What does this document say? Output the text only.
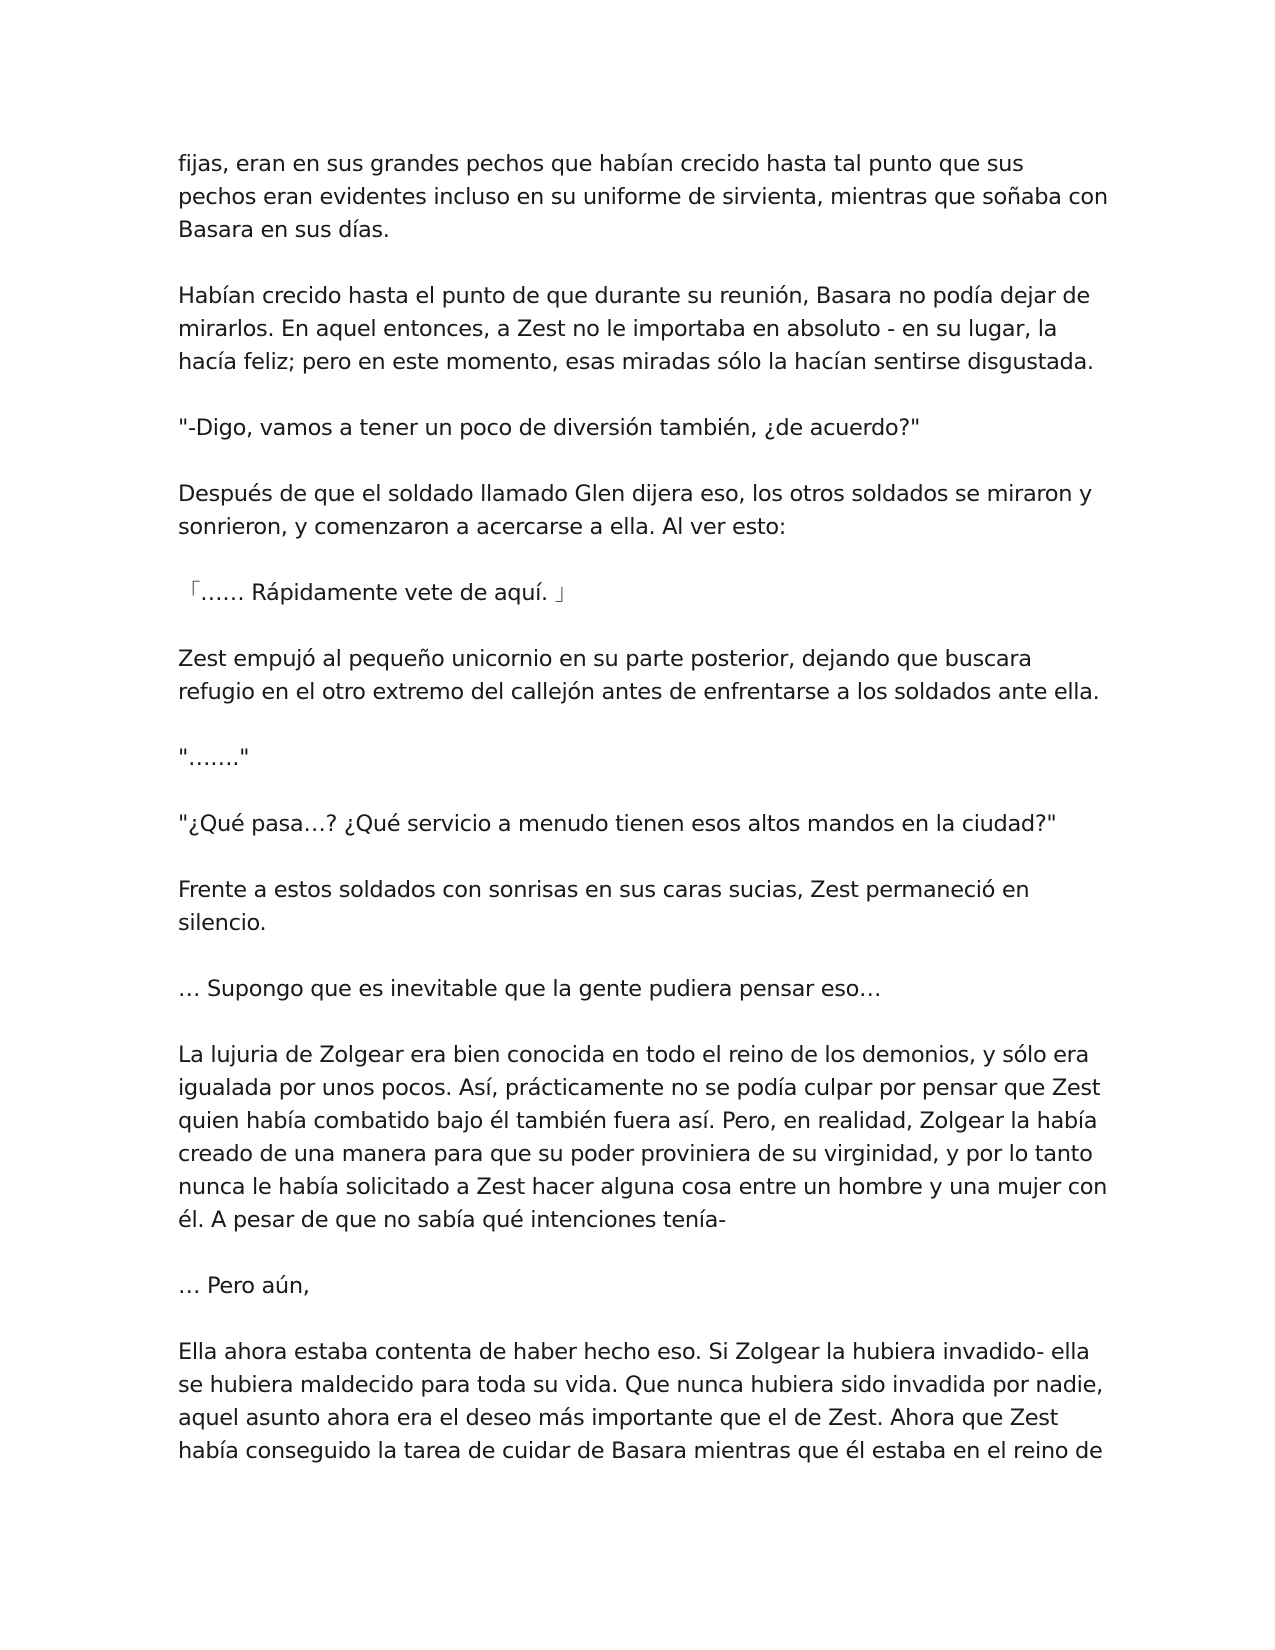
fijas, eran en sus grandes pechos que habían crecido hasta tal punto que sus pechos eran evidentes incluso en su uniforme de sirvienta, mientras que soñaba con Basara en sus días.

Habían crecido hasta el punto de que durante su reunión, Basara no podía dejar de mirarlos. En aquel entonces, a Zest no le importaba en absoluto - en su lugar, la hacía feliz; pero en este momento, esas miradas sólo la hacían sentirse disgustada.

"-Digo, vamos a tener un poco de diversión también, ¿de acuerdo?"

Después de que el soldado llamado Glen dijera eso, los otros soldados se miraron y sonrieron, y comenzaron a acercarse a ella. Al ver esto:

「…… Rápidamente vete de aquí. 」

Zest empujó al pequeño unicornio en su parte posterior, dejando que buscara refugio en el otro extremo del callejón antes de enfrentarse a los soldados ante ella.

"……."

"¿Qué pasa…? ¿Qué servicio a menudo tienen esos altos mandos en la ciudad?"

Frente a estos soldados con sonrisas en sus caras sucias, Zest permaneció en silencio.

… Supongo que es inevitable que la gente pudiera pensar eso…

La lujuria de Zolgear era bien conocida en todo el reino de los demonios, y sólo era igualada por unos pocos. Así, prácticamente no se podía culpar por pensar que Zest quien había combatido bajo él también fuera así. Pero, en realidad, Zolgear la había creado de una manera para que su poder proviniera de su virginidad, y por lo tanto nunca le había solicitado a Zest hacer alguna cosa entre un hombre y una mujer con él. A pesar de que no sabía qué intenciones tenía-

… Pero aún,

Ella ahora estaba contenta de haber hecho eso. Si Zolgear la hubiera invadido- ella se hubiera maldecido para toda su vida. Que nunca hubiera sido invadida por nadie, aquel asunto ahora era el deseo más importante que el de Zest. Ahora que Zest había conseguido la tarea de cuidar de Basara mientras que él estaba en el reino de
